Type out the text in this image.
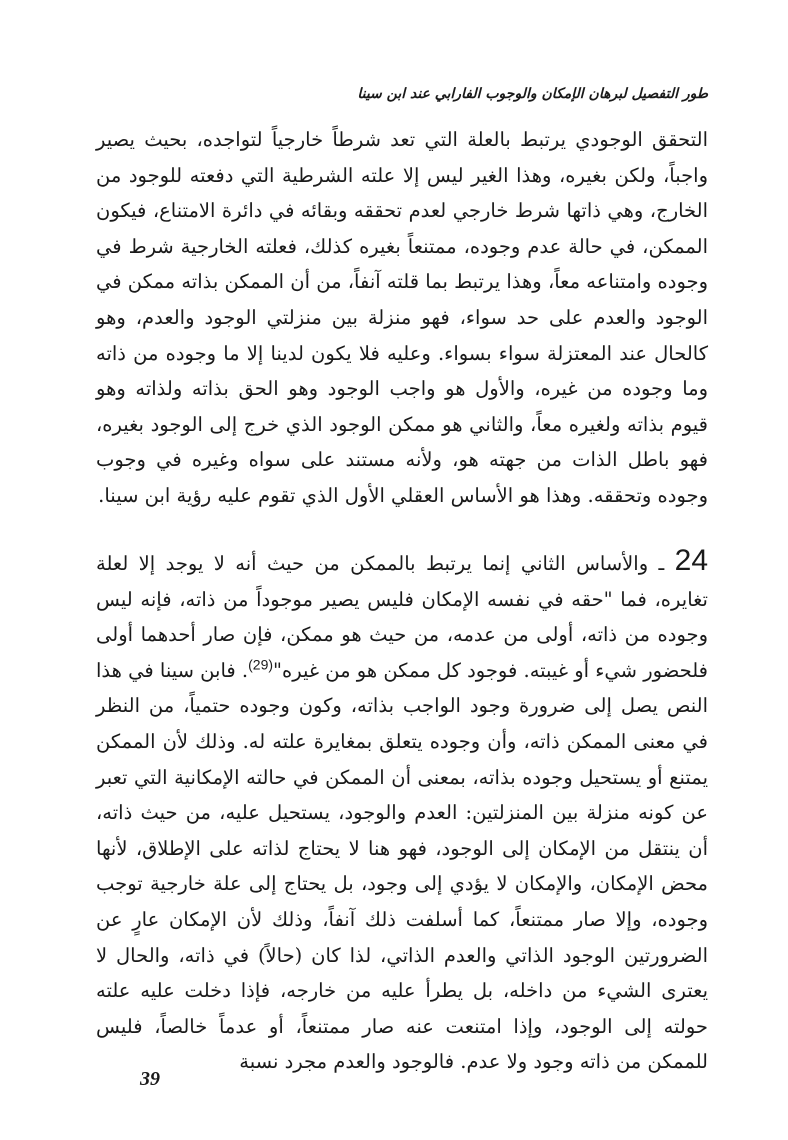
طور التفصيل لبرهان الإمكان والوجوب الفارابي عند ابن سينا
التحقق الوجودي يرتبط بالعلة التي تعد شرطاً خارجياً لتواجده، بحيث يصير واجباً، ولكن بغيره، وهذا الغير ليس إلا علته الشرطية التي دفعته للوجود من الخارج، وهي ذاتها شرط خارجي لعدم تحققه وبقائه في دائرة الامتناع، فيكون الممكن، في حالة عدم وجوده، ممتنعاً بغيره كذلك، فعلته الخارجية شرط في وجوده وامتناعه معاً، وهذا يرتبط بما قلته آنفاً، من أن الممكن بذاته ممكن في الوجود والعدم على حد سواء، فهو منزلة بين منزلتي الوجود والعدم، وهو كالحال عند المعتزلة سواء بسواء. وعليه فلا يكون لدينا إلا ما وجوده من ذاته وما وجوده من غيره، والأول هو واجب الوجود وهو الحق بذاته ولذاته وهو قيوم بذاته ولغيره معاً، والثاني هو ممكن الوجود الذي خرج إلى الوجود بغيره، فهو باطل الذات من جهته هو، ولأنه مستند على سواه وغيره في وجوب وجوده وتحققه. وهذا هو الأساس العقلي الأول الذي تقوم عليه رؤية ابن سينا.
24 ـ والأساس الثاني إنما يرتبط بالممكن من حيث أنه لا يوجد إلا لعلة تغايره، فما "حقه في نفسه الإمكان فليس يصير موجوداً من ذاته، فإنه ليس وجوده من ذاته، أولى من عدمه، من حيث هو ممكن، فإن صار أحدهما أولى فلحضور شيء أو غيبته. فوجود كل ممكن هو من غيره"$^{(29)}$. فابن سينا في هذا النص يصل إلى ضرورة وجود الواجب بذاته، وكون وجوده حتمياً، من النظر في معنى الممكن ذاته، وأن وجوده يتعلق بمغايرة علته له. وذلك لأن الممكن يمتنع أو يستحيل وجوده بذاته، بمعنى أن الممكن في حالته الإمكانية التي تعبر عن كونه منزلة بين المنزلتين: العدم والوجود، يستحيل عليه، من حيث ذاته، أن ينتقل من الإمكان إلى الوجود، فهو هنا لا يحتاج لذاته على الإطلاق، لأنها محض الإمكان، والإمكان لا يؤدي إلى وجود، بل يحتاج إلى علة خارجية توجب وجوده، وإلا صار ممتنعاً، كما أسلفت ذلك آنفاً، وذلك لأن الإمكان عارٍ عن الضرورتين الوجود الذاتي والعدم الذاتي، لذا كان (حالاً) في ذاته، والحال لا يعترى الشيء من داخله، بل يطرأ عليه من خارجه، فإذا دخلت عليه علته حولته إلى الوجود، وإذا امتنعت عنه صار ممتنعاً، أو عدماً خالصاً، فليس للممكن من ذاته وجود ولا عدم. فالوجود والعدم مجرد نسبة
39
